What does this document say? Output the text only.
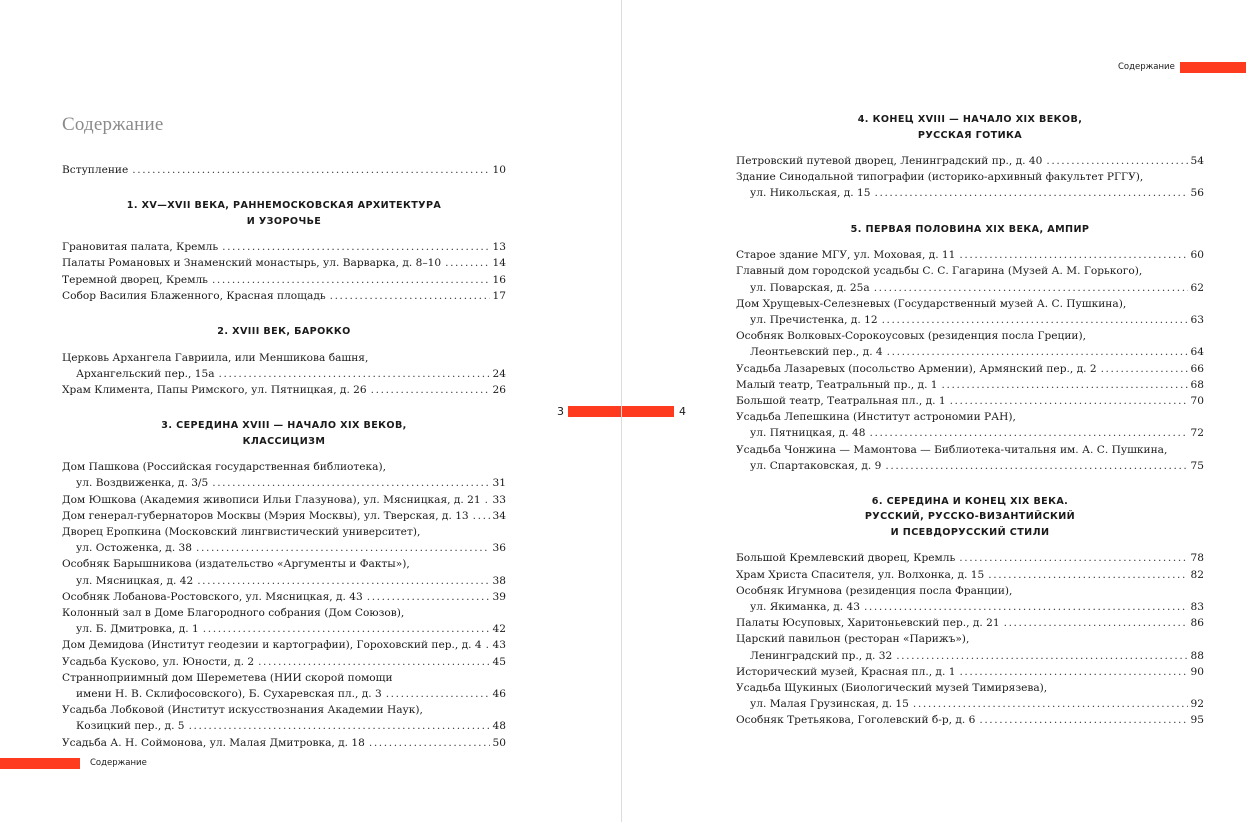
Содержание
Вступление .....	10
1. XV—XVII ВЕКА, РАННЕМОСКОВСКАЯ АРХИТЕКТУРА
И УЗОРОЧЬЕ
Грановитая палата, Кремль .....	13
Палаты Романовых и Знаменский монастырь, ул. Варварка, д. 8–10 .....	14
Теремной дворец, Кремль .....	16
Собор Василия Блаженного, Красная площадь .....	17
2. XVIII ВЕК, БАРОККО
Церковь Архангела Гавриила, или Меншикова башня,
Архангельский пер., 15а .....	24
Храм Климента, Папы Римского, ул. Пятницкая, д. 26 .....	26
3. СЕРЕДИНА XVIII — НАЧАЛО XIX ВЕКОВ,
КЛАССИЦИЗМ
Дом Пашкова (Российская государственная библиотека),
ул. Воздвиженка, д. 3/5 .....	31
Дом Юшкова (Академия живописи Ильи Глазунова), ул. Мясницкая, д. 21 ..... 33
Дом генерал-губернаторов Москвы (Мэрия Москвы), ул. Тверская, д. 13 ..... 34
Дворец Еропкина (Московский лингвистический университет),
ул. Остоженка, д. 38 .....	36
Особняк Барышникова (издательство «Аргументы и Факты»),
ул. Мясницкая, д. 42 .....	38
Особняк Лобанова-Ростовского, ул. Мясницкая, д. 43 .....	39
Колонный зал в Доме Благородного собрания (Дом Союзов),
ул. Б. Дмитровка, д. 1 .....	42
Дом Демидова (Институт геодезии и картографии), Гороховский пер., д. 4 ..... 43
Усадьба Кусково, ул. Юности, д. 2 .....	45
Странноприимный дом Шереметева (НИИ скорой помощи
имени Н. В. Склифосовского), Б. Сухаревская пл., д. 3 .....	46
Усадьба Лобковой (Институт искусствознания Академии Наук),
Козицкий пер., д. 5 .....	48
Усадьба А. Н. Соймонова, ул. Малая Дмитровка, д. 18 .....	50
Содержание
3
Содержание
4
4. КОНЕЦ XVIII — НАЧАЛО XIX ВЕКОВ,
РУССКАЯ ГОТИКА
Петровский путевой дворец, Ленинградский пр., д. 40 .....	54
Здание Синодальной типографии (историко-архивный факультет РГГУ),
ул. Никольская, д. 15 .....	56
5. ПЕРВАЯ ПОЛОВИНА XIX ВЕКА, АМПИР
Старое здание МГУ, ул. Моховая, д. 11 .....	60
Главный дом городской усадьбы С. С. Гагарина (Музей А. М. Горького),
ул. Поварская, д. 25а .....	62
Дом Хрущевых-Селезневых (Государственный музей А. С. Пушкина),
ул. Пречистенка, д. 12 .....	63
Особняк Волковых-Сорокоусовых (резиденция посла Греции),
Леонтьевский пер., д. 4 .....	64
Усадьба Лазаревых (посольство Армении), Армянский пер., д. 2 .....	66
Малый театр, Театральный пр., д. 1 .....	68
Большой театр, Театральная пл., д. 1 .....	70
Усадьба Лепешкина (Институт астрономии РАН),
ул. Пятницкая, д. 48 .....	72
Усадьба Чонжина — Мамонтова — Библиотека-читальня им. А. С. Пушкина,
ул. Спартаковская, д. 9 .....	75
6. СЕРЕДИНА И КОНЕЦ XIX ВЕКА.
РУССКИЙ, РУССКО-ВИЗАНТИЙСКИЙ
И ПСЕВДОРУССКИЙ СТИЛИ
Большой Кремлевский дворец, Кремль .....	78
Храм Христа Спасителя, ул. Волхонка, д. 15 .....	82
Особняк Игумнова (резиденция посла Франции),
ул. Якиманка, д. 43 .....	83
Палаты Юсуповых, Харитоньевский пер., д. 21 .....	86
Царский павильон (ресторан «Парижъ»),
Ленинградский пр., д. 32 .....	88
Исторический музей, Красная пл., д. 1 .....	90
Усадьба Щукиных (Биологический музей Тимирязева),
ул. Малая Грузинская, д. 15 .....	92
Особняк Третьякова, Гоголевский б-р, д. 6 .....	95
